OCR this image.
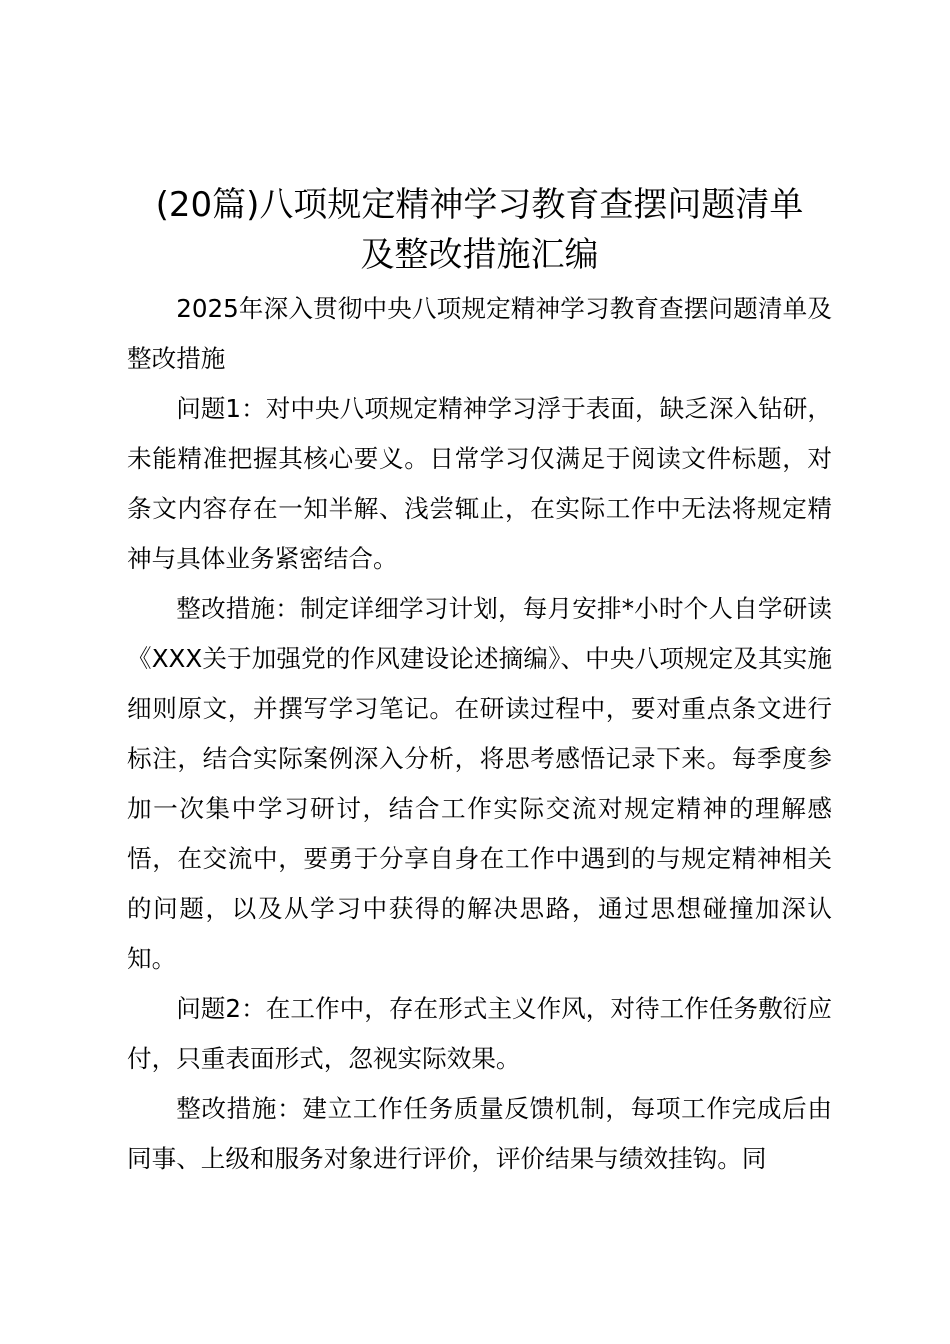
(20篇)八项规定精神学习教育查摆问题清单
及整改措施汇编

2025年深入贯彻中央八项规定精神学习教育查摆问题清单及整改措施

问题1：对中央八项规定精神学习浮于表面，缺乏深入钻研，未能精准把握其核心要义。日常学习仅满足于阅读文件标题，对条文内容存在一知半解、浅尝辄止，在实际工作中无法将规定精神与具体业务紧密结合。

整改措施：制定详细学习计划，每月安排*小时个人自学研读《XXX关于加强党的作风建设论述摘编》、中央八项规定及其实施细则原文，并撰写学习笔记。在研读过程中，要对重点条文进行标注，结合实际案例深入分析，将思考感悟记录下来。每季度参加一次集中学习研讨，结合工作实际交流对规定精神的理解感悟，在交流中，要勇于分享自身在工作中遇到的与规定精神相关的问题，以及从学习中获得的解决思路，通过思想碰撞加深认知。

问题2：在工作中，存在形式主义作风，对待工作任务敷衍应付，只重表面形式，忽视实际效果。

整改措施：建立工作任务质量反馈机制，每项工作完成后由同事、上级和服务对象进行评价，评价结果与绩效挂钩。同
